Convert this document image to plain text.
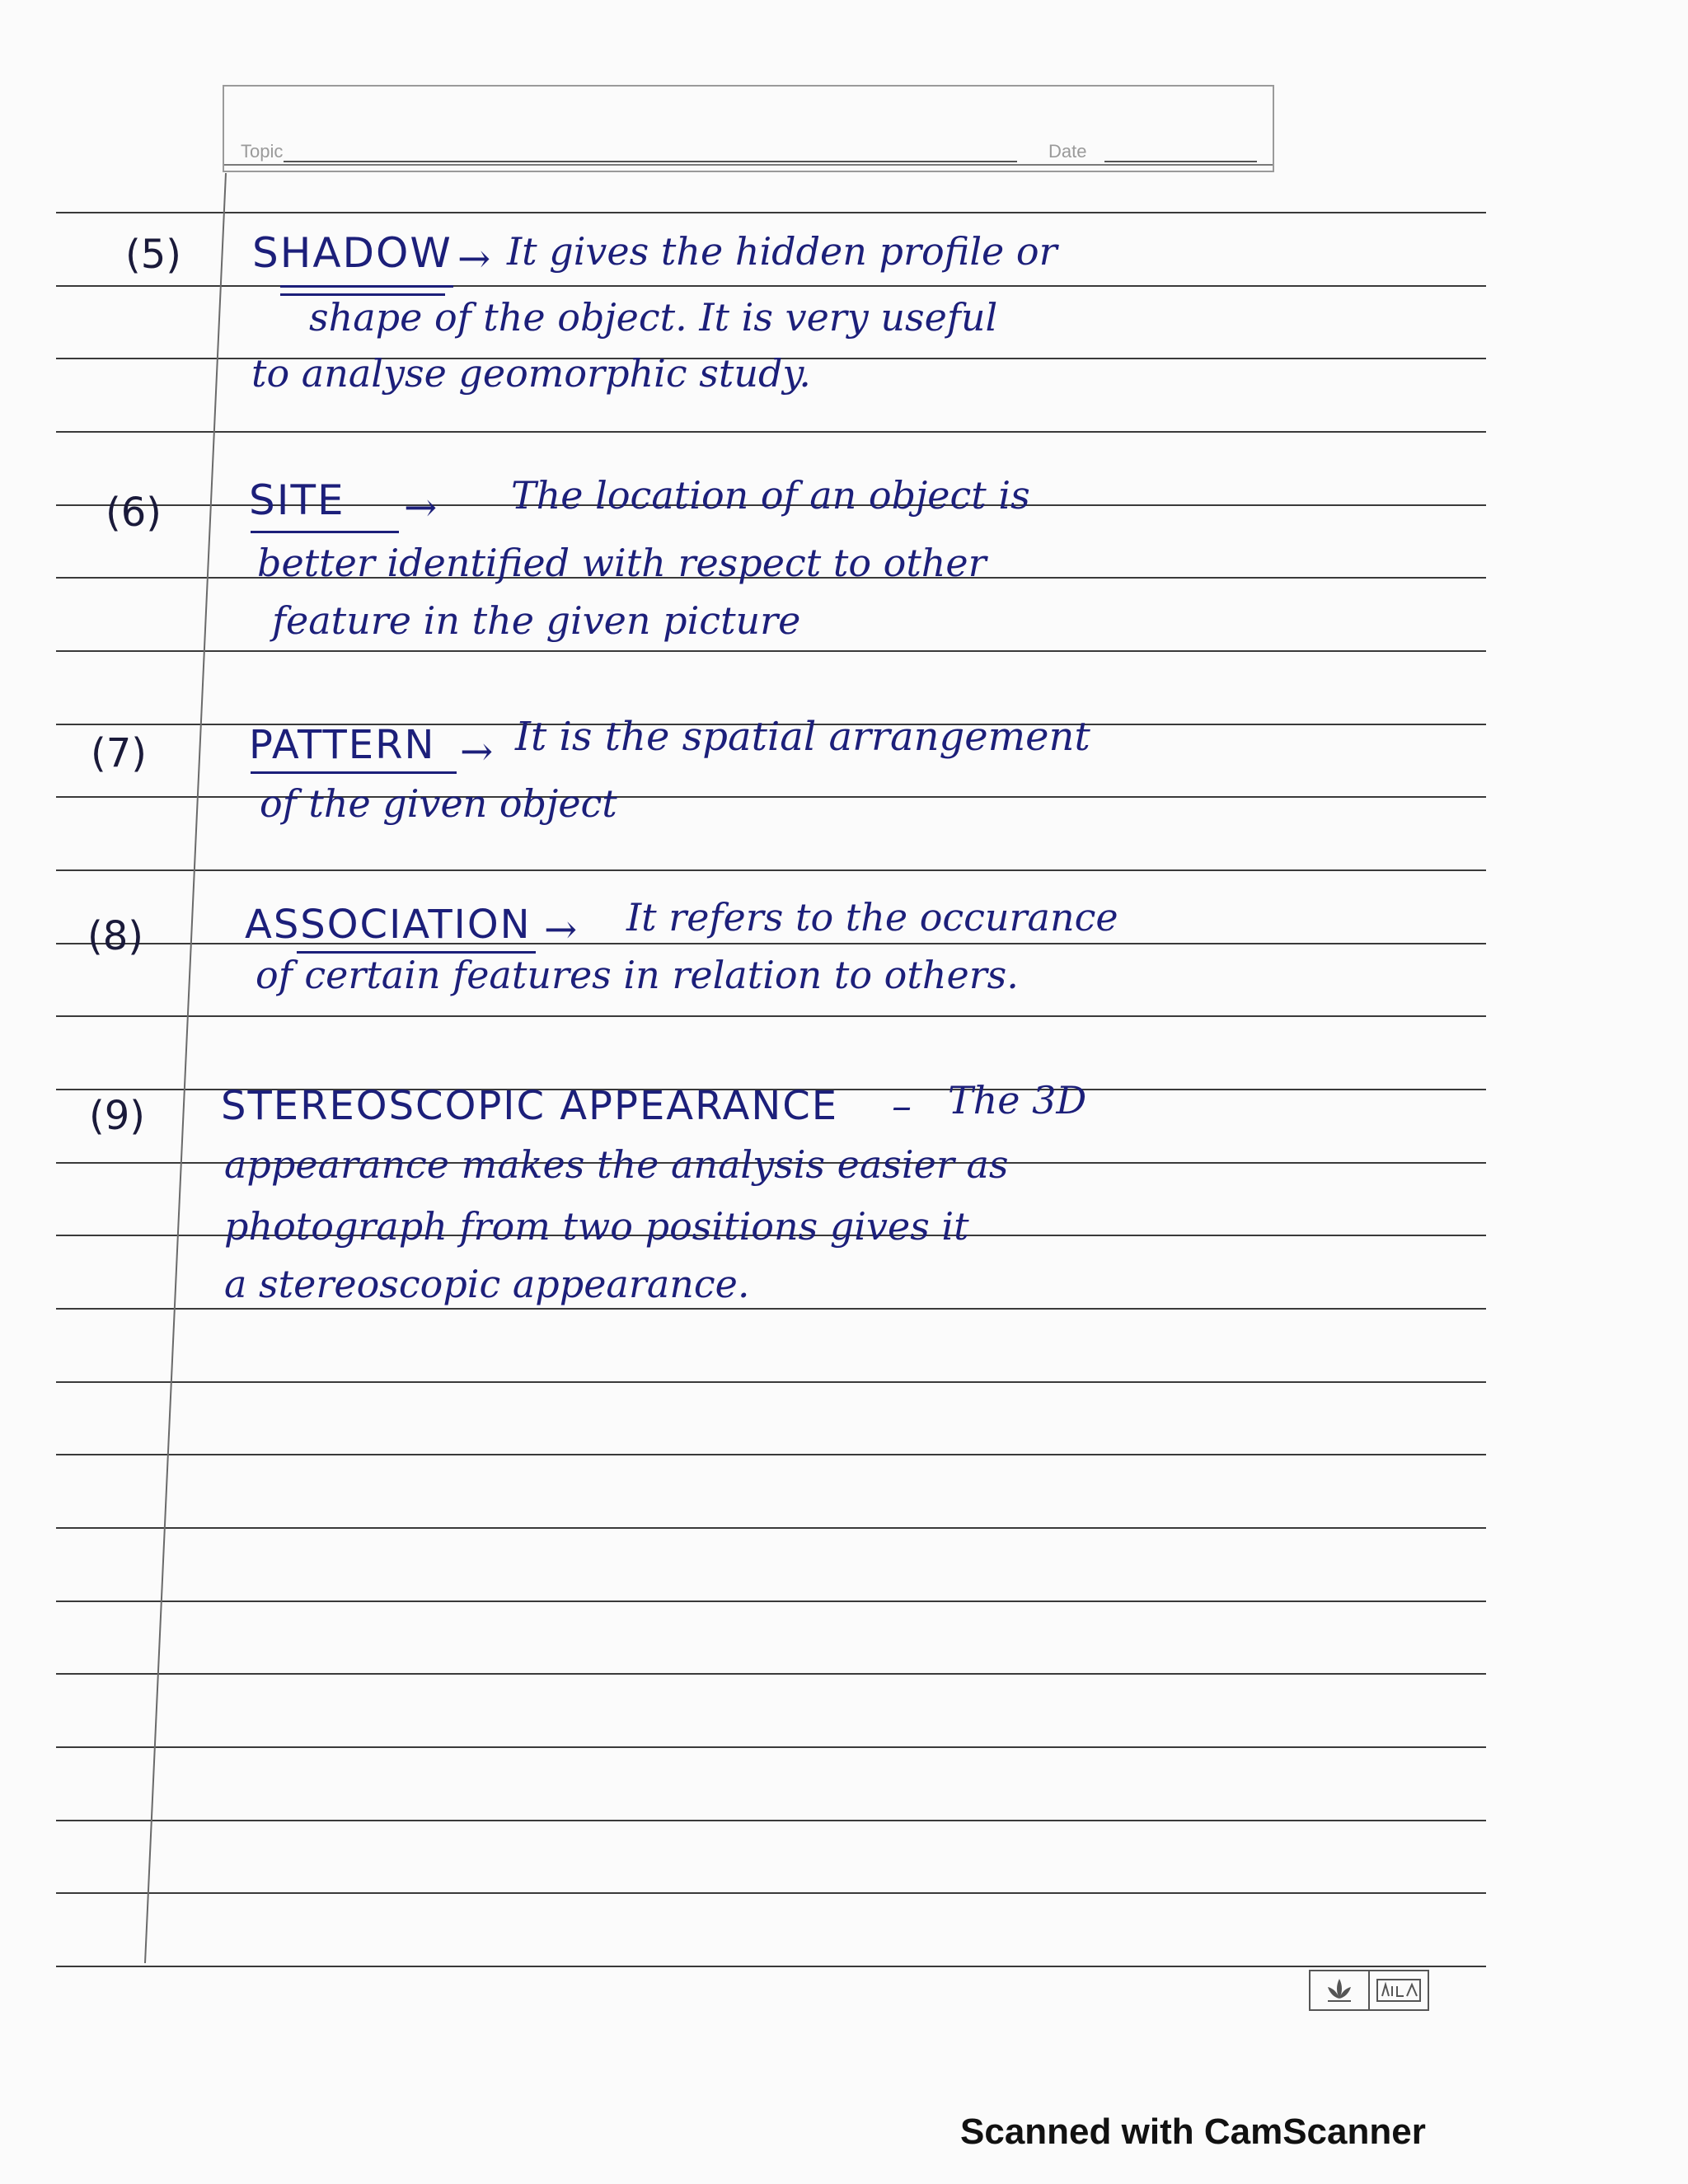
Topic	Date
(5) SHADOW → It gives the hidden profile or
shape of the object. It is very useful
to analyse geomorphic study.
(6) SITE → The location of an object is
better identified with respect to other
feature in the given picture
(7)	PATTERN → It is the spatial arrangement
of the given object
(8)	ASSOCIATION → It refers to the occurance
of certain features in relation to others.
(9) STEREOSCOPIC APPEARANCE – The 3D
appearance makes the analysis easier as
photograph from two positions gives it
a stereoscopic appearance.
Scanned with CamScanner
